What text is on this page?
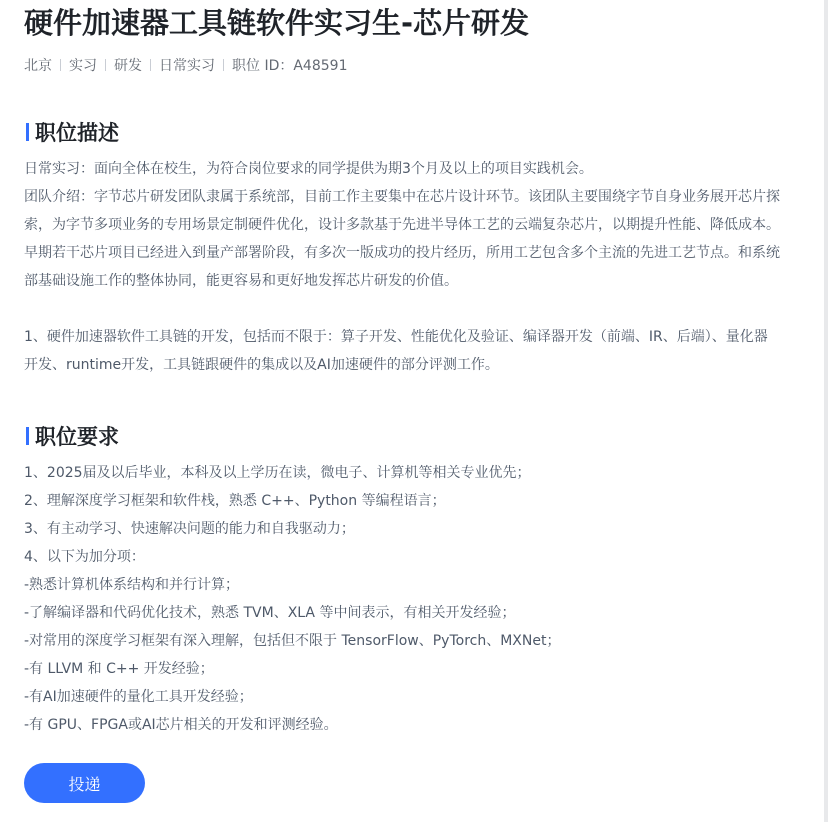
硬件加速器工具链软件实习生-芯片研发
北京 实习 研发 日常实习 职位 ID：A48591
职位描述
日常实习：面向全体在校生，为符合岗位要求的同学提供为期3个月及以上的项目实践机会。
团队介绍：字节芯片研发团队隶属于系统部，目前工作主要集中在芯片设计环节。该团队主要围绕字节自身业务展开芯片探
索，为字节多项业务的专用场景定制硬件优化，设计多款基于先进半导体工艺的云端复杂芯片，以期提升性能、降低成本。
早期若干芯片项目已经进入到量产部署阶段，有多次一版成功的投片经历，所用工艺包含多个主流的先进工艺节点。和系统
部基础设施工作的整体协同，能更容易和更好地发挥芯片研发的价值。
1、硬件加速器软件工具链的开发，包括而不限于：算子开发、性能优化及验证、编译器开发（前端、IR、后端）、量化器
开发、runtime开发，工具链跟硬件的集成以及AI加速硬件的部分评测工作。
职位要求
1、2025届及以后毕业，本科及以上学历在读，微电子、计算机等相关专业优先；
2、理解深度学习框架和软件栈，熟悉 C++、Python 等编程语言；
3、有主动学习、快速解决问题的能力和自我驱动力；
4、以下为加分项：
-熟悉计算机体系结构和并行计算；
-了解编译器和代码优化技术，熟悉 TVM、XLA 等中间表示，有相关开发经验；
-对常用的深度学习框架有深入理解，包括但不限于 TensorFlow、PyTorch、MXNet；
-有 LLVM 和 C++ 开发经验；
-有AI加速硬件的量化工具开发经验；
-有 GPU、FPGA或AI芯片相关的开发和评测经验。
投递
